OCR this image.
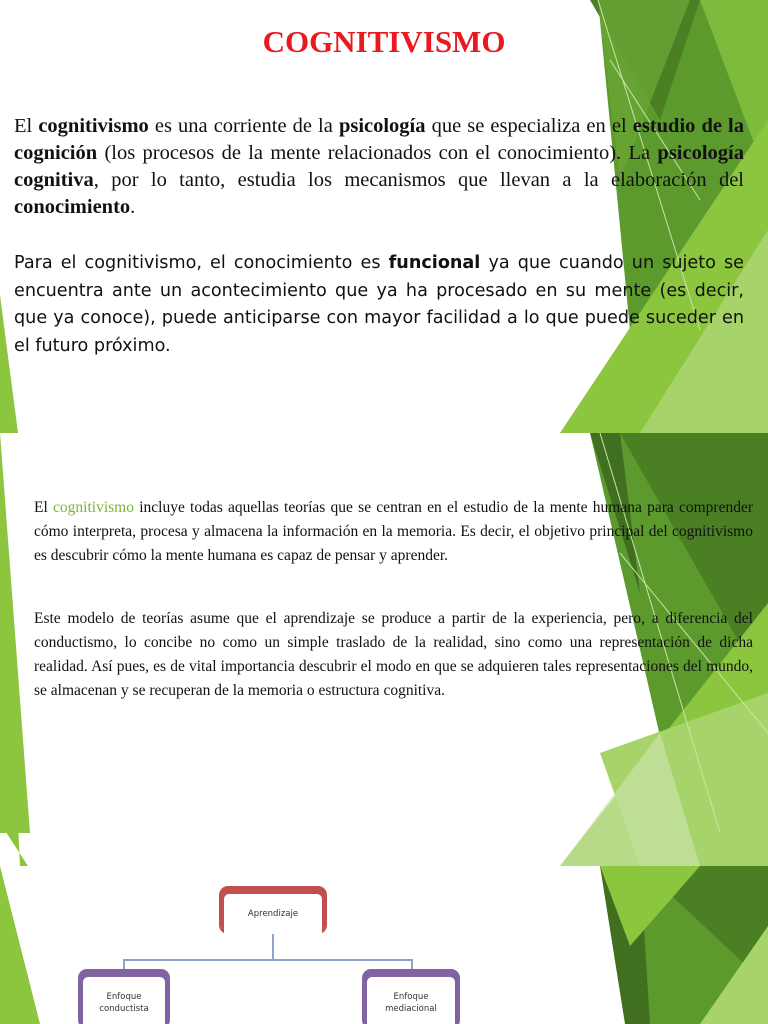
COGNITIVISMO

El cognitivismo es una corriente de la psicología que se especializa en el estudio de la cognición (los procesos de la mente relacionados con el conocimiento). La psicología cognitiva, por lo tanto, estudia los mecanismos que llevan a la elaboración del conocimiento.

Para el cognitivismo, el conocimiento es funcional ya que cuando un sujeto se encuentra ante un acontecimiento que ya ha procesado en su mente (es decir, que ya conoce), puede anticiparse con mayor facilidad a lo que puede suceder en el futuro próximo.

El cognitivismo incluye todas aquellas teorías que se centran en el estudio de la mente humana para comprender cómo interpreta, procesa y almacena la información en la memoria. Es decir, el objetivo principal del cognitivismo es descubrir cómo la mente humana es capaz de pensar y aprender.

Este modelo de teorías asume que el aprendizaje se produce a partir de la experiencia, pero, a diferencia del conductismo, lo concibe no como un simple traslado de la realidad, sino como una representación de dicha realidad. Así pues, es de vital importancia descubrir el modo en que se adquieren tales representaciones del mundo, se almacenan y se recuperan de la memoria o estructura cognitiva.

Aprendizaje
Enfoque conductista
Enfoque mediacional
